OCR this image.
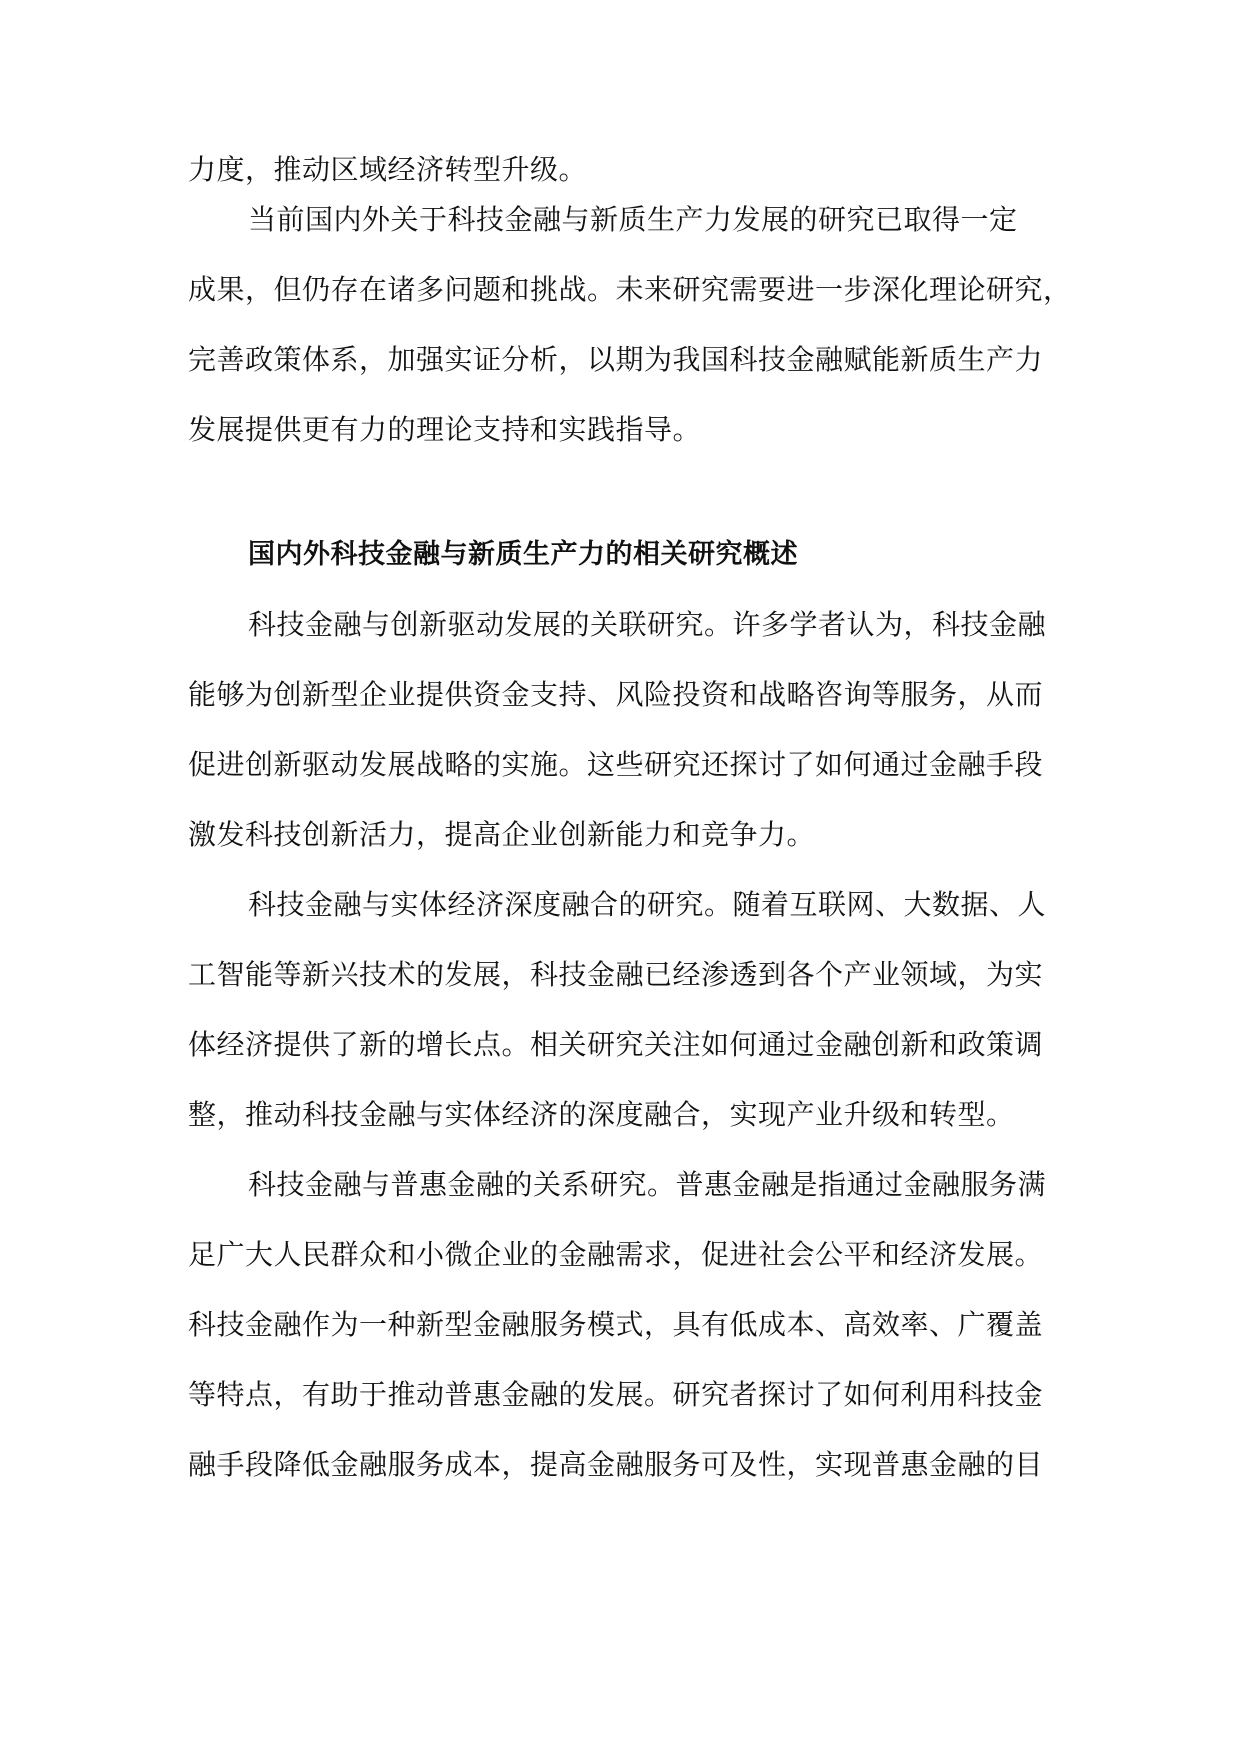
力度，推动区域经济转型升级。

当前国内外关于科技金融与新质生产力发展的研究已取得一定

成果，但仍存在诸多问题和挑战。未来研究需要进一步深化理论研究，

完善政策体系，加强实证分析，以期为我国科技金融赋能新质生产力

发展提供更有力的理论支持和实践指导。

国内外科技金融与新质生产力的相关研究概述

科技金融与创新驱动发展的关联研究。许多学者认为，科技金融

能够为创新型企业提供资金支持、风险投资和战略咨询等服务，从而

促进创新驱动发展战略的实施。这些研究还探讨了如何通过金融手段

激发科技创新活力，提高企业创新能力和竞争力。

科技金融与实体经济深度融合的研究。随着互联网、大数据、人

工智能等新兴技术的发展，科技金融已经渗透到各个产业领域，为实

体经济提供了新的增长点。相关研究关注如何通过金融创新和政策调

整，推动科技金融与实体经济的深度融合，实现产业升级和转型。

科技金融与普惠金融的关系研究。普惠金融是指通过金融服务满

足广大人民群众和小微企业的金融需求，促进社会公平和经济发展。

科技金融作为一种新型金融服务模式，具有低成本、高效率、广覆盖

等特点，有助于推动普惠金融的发展。研究者探讨了如何利用科技金

融手段降低金融服务成本，提高金融服务可及性，实现普惠金融的目
